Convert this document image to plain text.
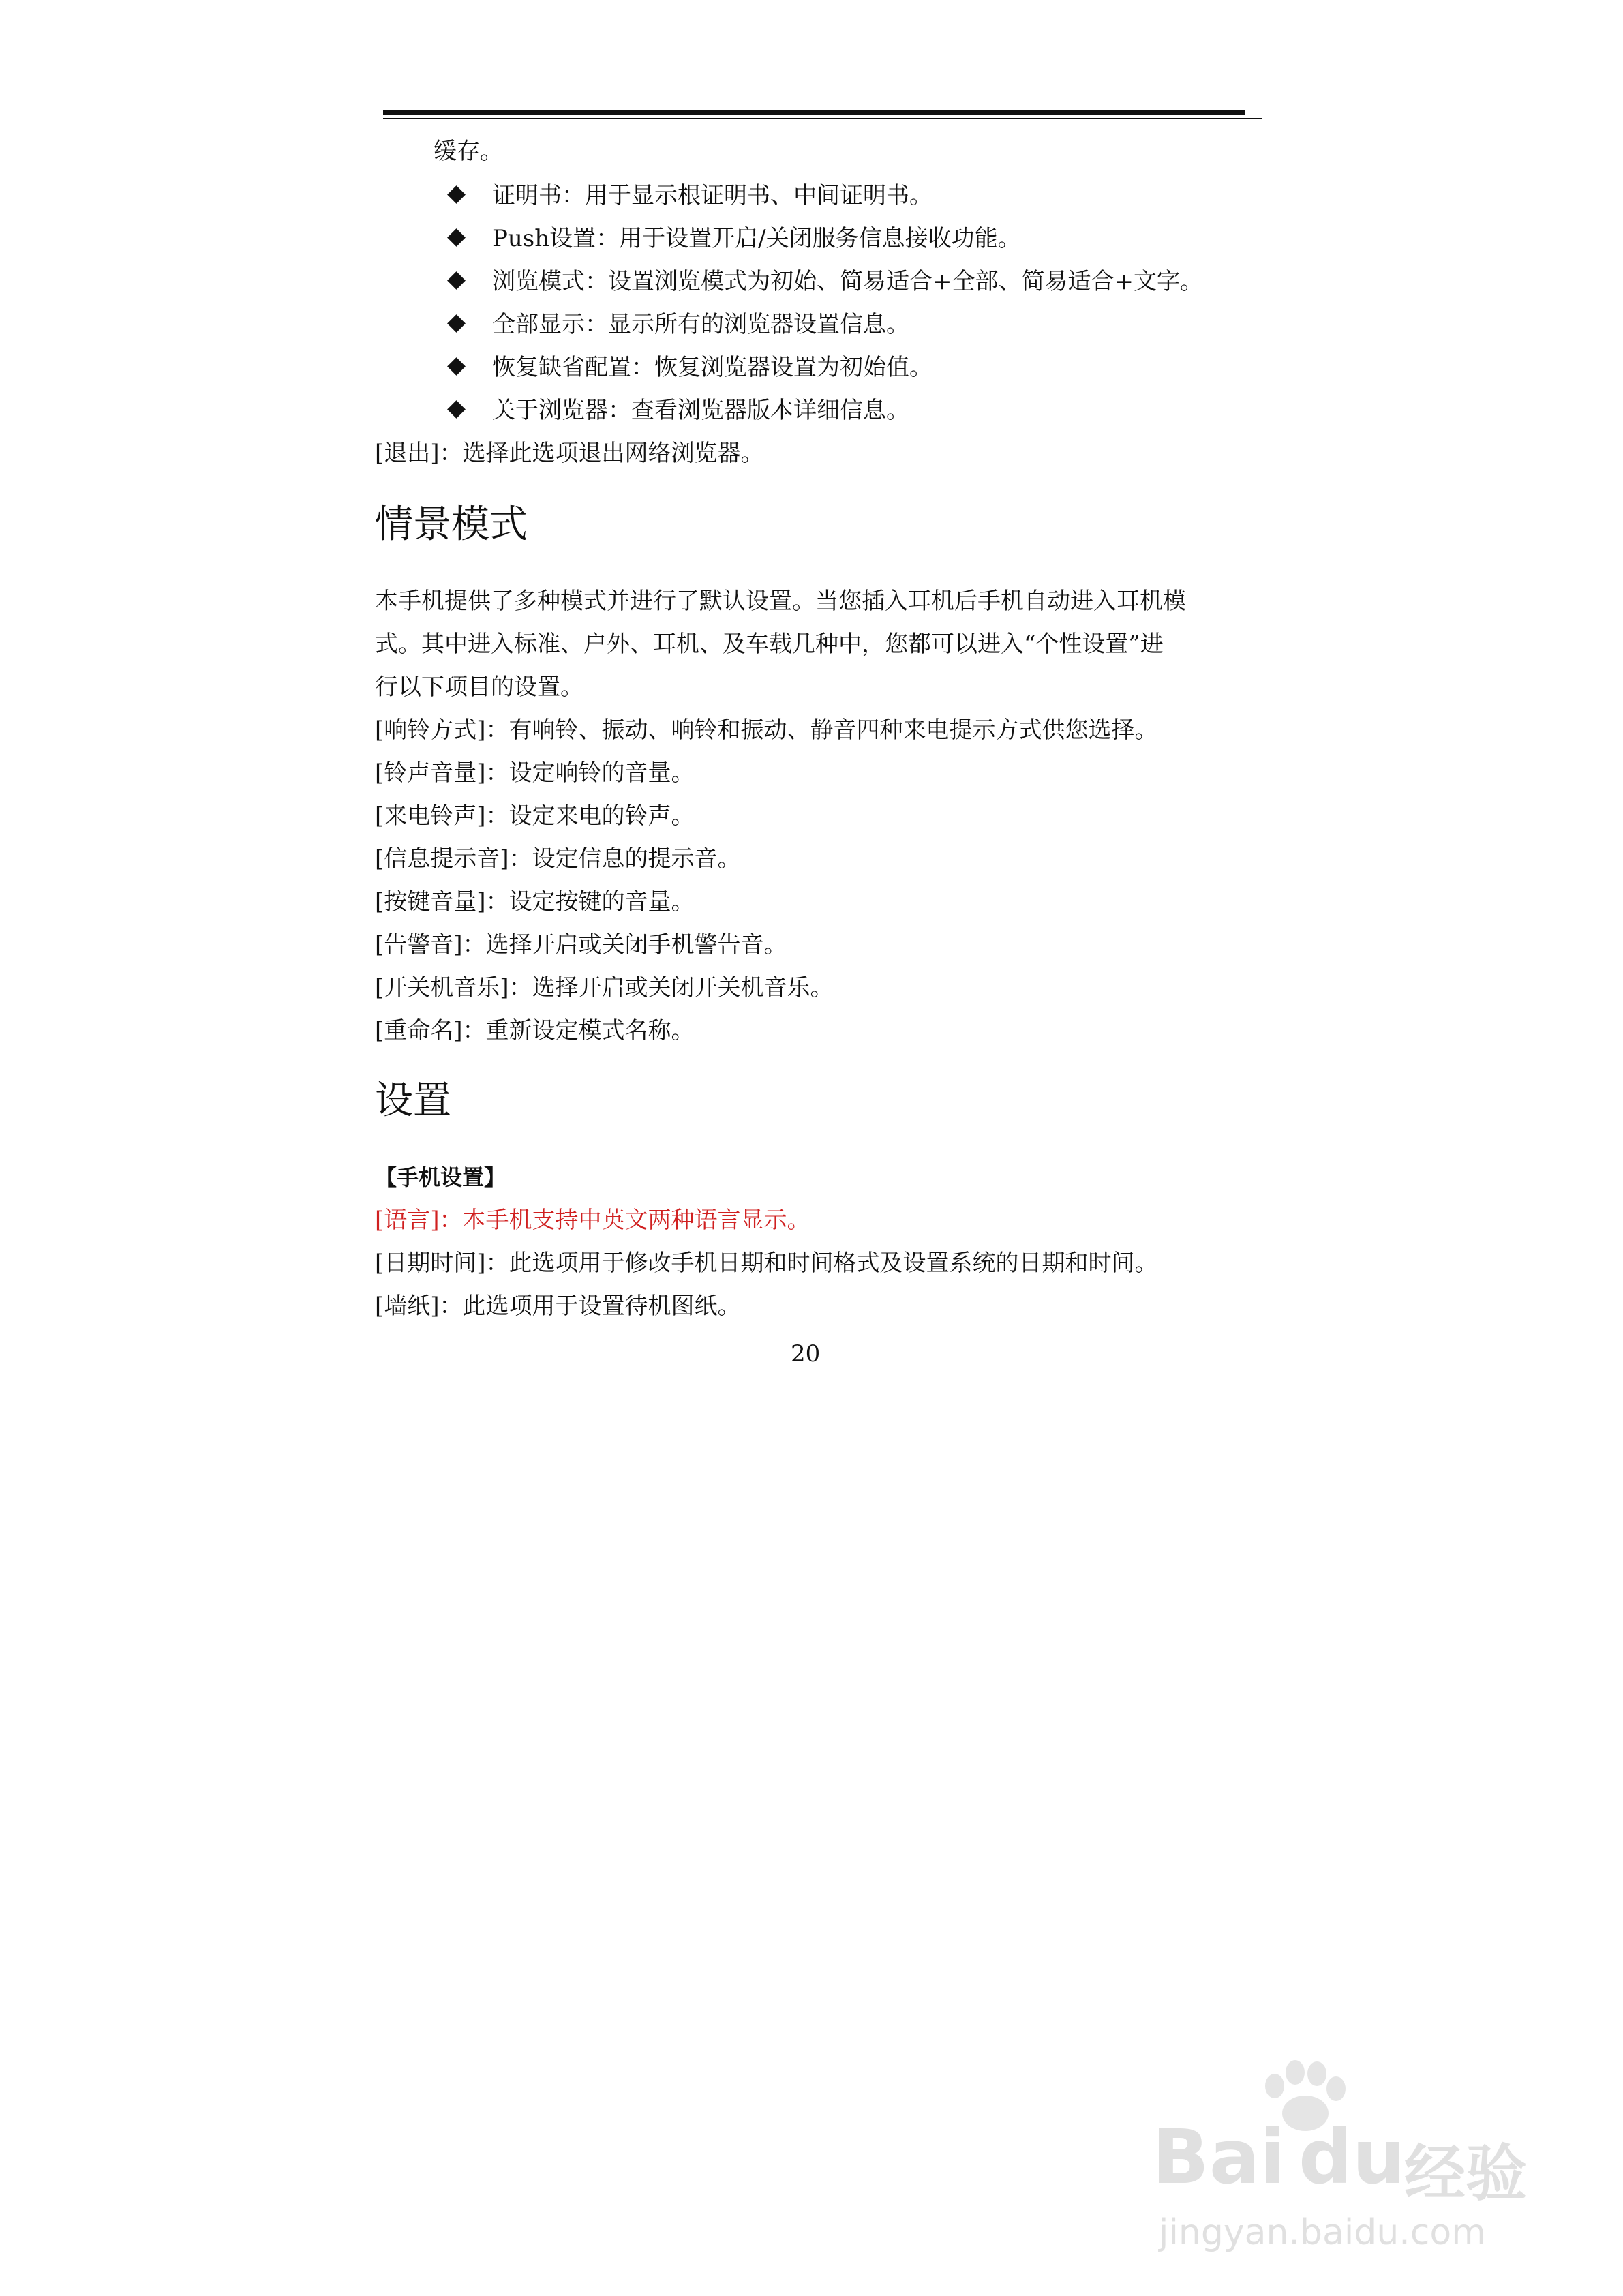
缓存。
证明书：用于显示根证明书、中间证明书。
Push设置：用于设置开启/关闭服务信息接收功能。
浏览模式：设置浏览模式为初始、简易适合+全部、简易适合+文字。
全部显示：显示所有的浏览器设置信息。
恢复缺省配置：恢复浏览器设置为初始值。
关于浏览器：查看浏览器版本详细信息。
[退出]：选择此选项退出网络浏览器。
情景模式
本手机提供了多种模式并进行了默认设置。当您插入耳机后手机自动进入耳机模
式。其中进入标准、户外、耳机、及车载几种中，您都可以进入“个性设置”进
行以下项目的设置。
[响铃方式]：有响铃、振动、响铃和振动、静音四种来电提示方式供您选择。
[铃声音量]：设定响铃的音量。
[来电铃声]：设定来电的铃声。
[信息提示音]：设定信息的提示音。
[按键音量]：设定按键的音量。
[告警音]：选择开启或关闭手机警告音。
[开关机音乐]：选择开启或关闭开关机音乐。
[重命名]：重新设定模式名称。
设置
【手机设置】
[语言]：本手机支持中英文两种语言显示。
[日期时间]：此选项用于修改手机日期和时间格式及设置系统的日期和时间。
[墙纸]：此选项用于设置待机图纸。
20
Bai du
经验
jingyan.baidu.com
